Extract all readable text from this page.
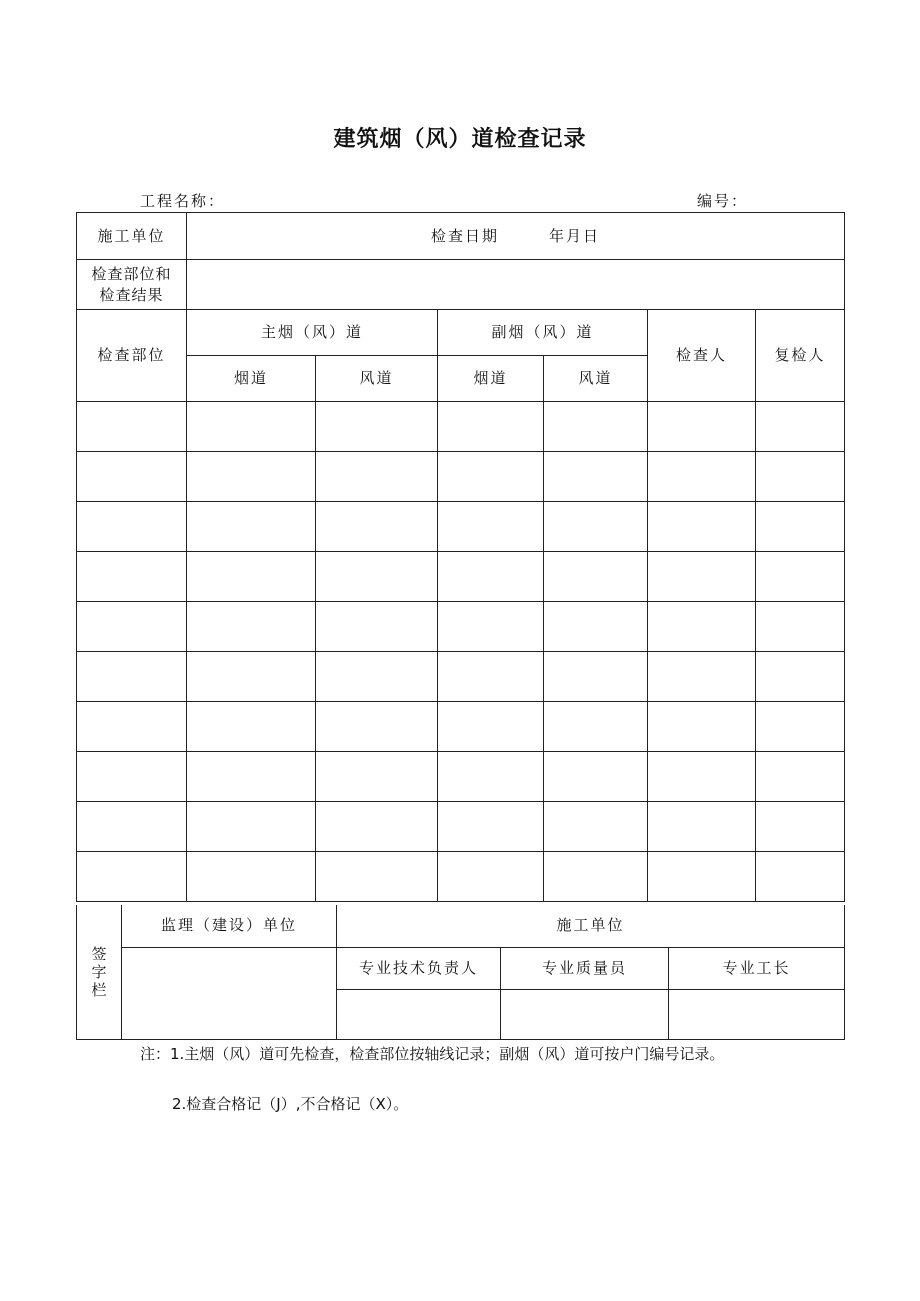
建筑烟（风）道检查记录
工程名称：	编号：
施工单位	检查日期 年月日					

检查部位和
检查结果						

检查部位	主烟（风）道		副烟（风）道		检查人	复检人
	烟道	风道	烟道	风道		

签
字
栏	监理（建设）单位	施工单位		
		专业技术负责人	专业质量员	专业工长

注：1.主烟（风）道可先检查，检查部位按轴线记录；副烟（风）道可按户门编号记录。
2.检查合格记（J）,不合格记（X）。
